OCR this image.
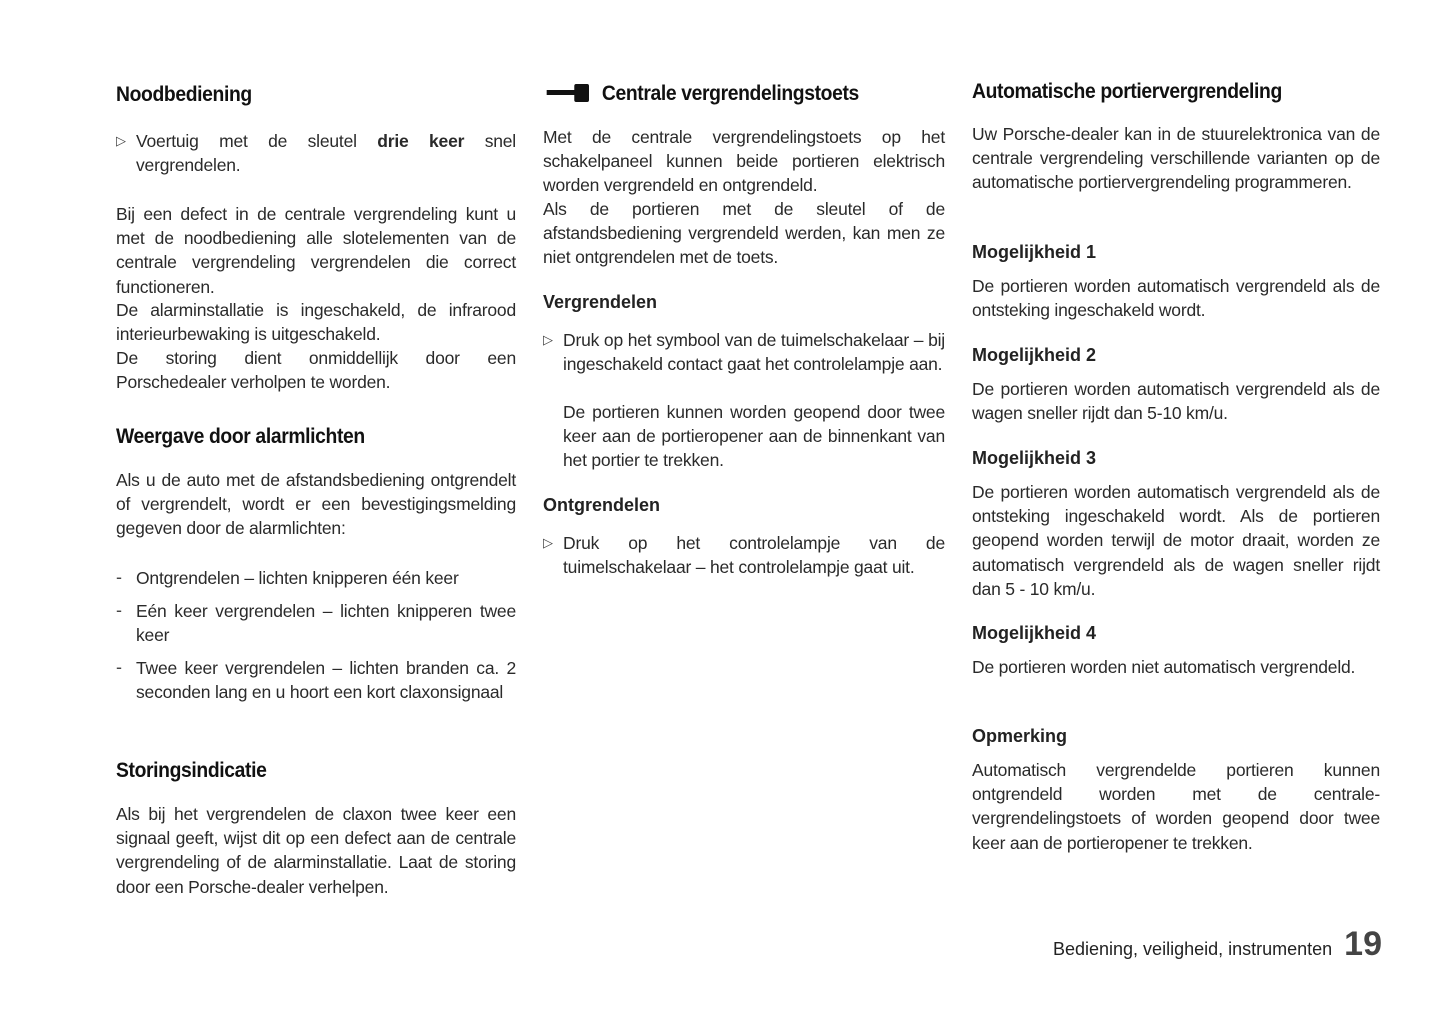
Noodbediening

▷ Voertuig met de sleutel drie keer snel vergrendelen.

Bij een defect in de centrale vergrendeling kunt u met de noodbediening alle slotelementen van de centrale vergrendeling vergrendelen die correct functioneren.

De alarminstallatie is ingeschakeld, de infrarood interieurbewaking is uitgeschakeld.

De storing dient onmiddellijk door een Porschedealer verholpen te worden.

Weergave door alarmlichten

Als u de auto met de afstandsbediening ontgrendelt of vergrendelt, wordt er een bevestigingsmelding gegeven door de alarmlichten:

- Ontgrendelen – lichten knipperen één keer

- Eén keer vergrendelen – lichten knipperen twee keer

- Twee keer vergrendelen – lichten branden ca. 2 seconden lang en u hoort een kort claxonsignaal

Storingsindicatie

Als bij het vergrendelen de claxon twee keer een signaal geeft, wijst dit op een defect aan de centrale vergrendeling of de alarminstallatie. Laat de storing door een Porsche-dealer verhelpen.

Centrale vergrendelingstoets

Met de centrale vergrendelingstoets op het schakelpaneel kunnen beide portieren elektrisch worden vergrendeld en ontgrendeld.

Als de portieren met de sleutel of de afstandsbediening vergrendeld werden, kan men ze niet ontgrendelen met de toets.

Vergrendelen

▷ Druk op het symbool van de tuimelschakelaar – bij ingeschakeld contact gaat het controlelampje aan.

De portieren kunnen worden geopend door twee keer aan de portieropener aan de binnenkant van het portier te trekken.

Ontgrendelen

▷ Druk op het controlelampje van de tuimelschakelaar – het controlelampje gaat uit.

Automatische portiervergrendeling

Uw Porsche-dealer kan in de stuurelektronica van de centrale vergrendeling verschillende varianten op de automatische portiervergrendeling programmeren.

Mogelijkheid 1

De portieren worden automatisch vergrendeld als de ontsteking ingeschakeld wordt.

Mogelijkheid 2

De portieren worden automatisch vergrendeld als de wagen sneller rijdt dan 5-10 km/u.

Mogelijkheid 3

De portieren worden automatisch vergrendeld als de ontsteking ingeschakeld wordt. Als de portieren geopend worden terwijl de motor draait, worden ze automatisch vergrendeld als de wagen sneller rijdt dan 5 - 10 km/u.

Mogelijkheid 4

De portieren worden niet automatisch vergrendeld.

Opmerking

Automatisch vergrendelde portieren kunnen ontgrendeld worden met de centrale-vergrendelingstoets of worden geopend door twee keer aan de portieropener te trekken.

Bediening, veiligheid, instrumenten 19
